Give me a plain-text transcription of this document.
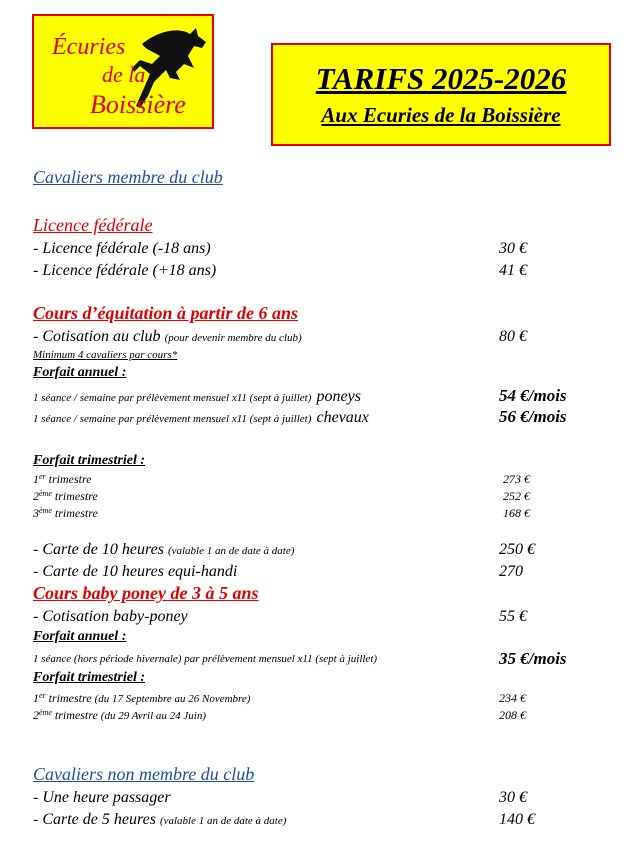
Écuries
de la
Boissière
TARIFS 2025-2026
Aux Ecuries de la Boissière
Cavaliers membre du club
Licence fédérale
- Licence fédérale (-18 ans)	30 €
- Licence fédérale (+18 ans)	41 €
Cours d’équitation à partir de 6 ans
- Cotisation au club (pour devenir membre du club)	80 €
Minimum 4 cavaliers par cours*
Forfait annuel :
1 séance / semaine par prélèvement mensuel x11 (sept à juillet) poneys	54 €/mois
1 séance / semaine par prélèvement mensuel x11 (sept à juillet) chevaux	56 €/mois
Forfait trimestriel :
1er trimestre	273 €
2ème trimestre	252 €
3ème trimestre	168 €
- Carte de 10 heures (valable 1 an de date à date)	250 €
- Carte de 10 heures equi-handi	270
Cours baby poney de 3 à 5 ans
- Cotisation baby-poney	55 €
Forfait annuel :
1 séance (hors période hivernale) par prélèvement mensuel x11 (sept à juillet)	35 €/mois
Forfait trimestriel :
1er trimestre (du 17 Septembre au 26 Novembre)	234 €
2ème trimestre (du 29 Avril au 24 Juin)	208 €
Cavaliers non membre du club
- Une heure passager	30 €
- Carte de 5 heures (valable 1 an de date à date)	140 €
